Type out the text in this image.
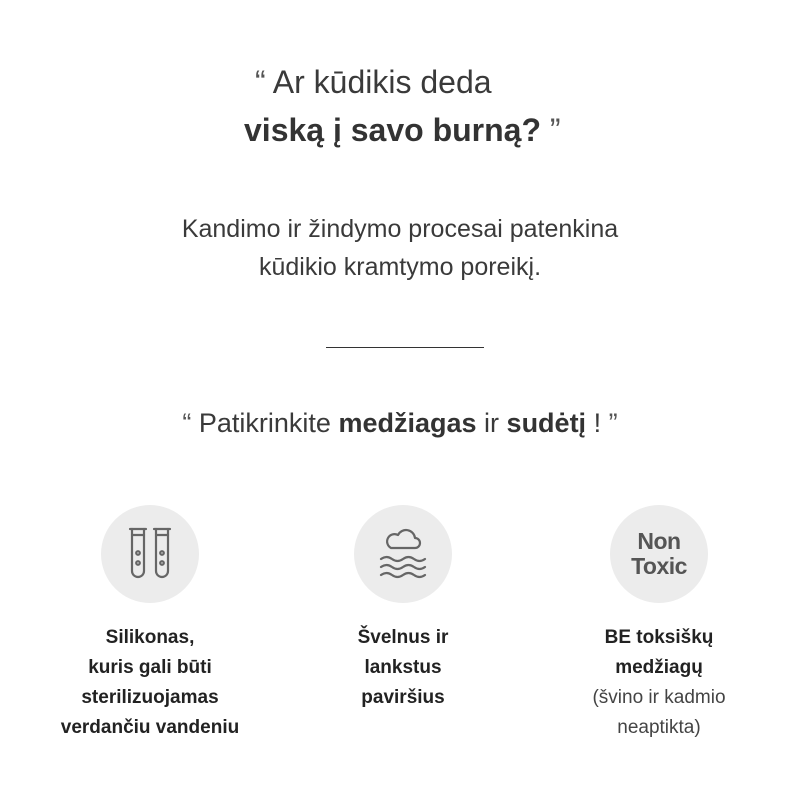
“ Ar kūdikis deda
viską į savo burną? ”
Kandimo ir žindymo procesai patenkina
kūdikio kramtymo poreikį.
“ Patikrinkite medžiagas ir sudėtį ! ”
Silikonas,
kuris gali būti
sterilizuojamas
verdančiu vandeniu
Švelnus ir
lankstus
paviršius
Non
Toxic
BE toksiškų
medžiagų
(švino ir kadmio
neaptikta)
